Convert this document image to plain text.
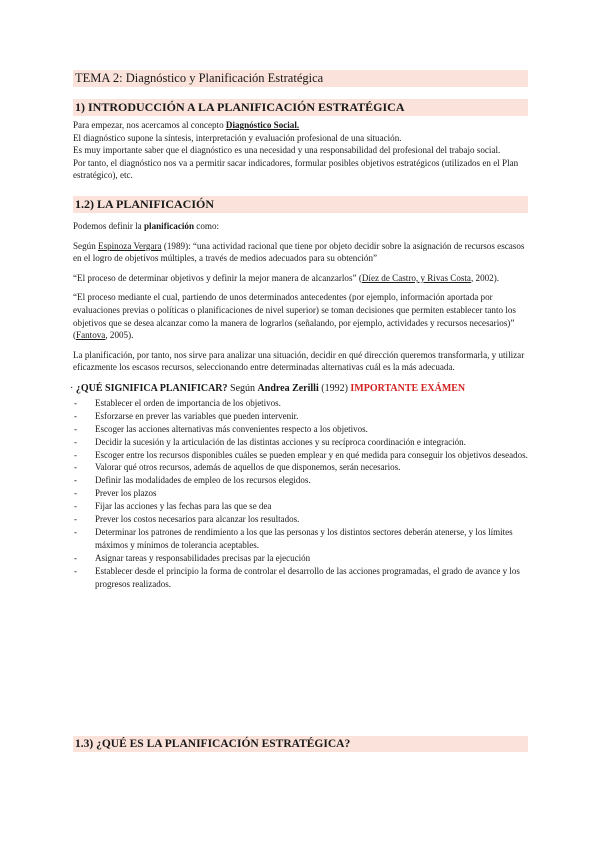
TEMA 2: Diagnóstico y Planificación Estratégica
1) INTRODUCCIÓN A LA PLANIFICACIÓN ESTRATÉGICA

Para empezar, nos acercamos al concepto Diagnóstico Social.

El diagnóstico supone la síntesis, interpretación y evaluación profesional de una situación.

Es muy importante saber que el diagnóstico es una necesidad y una responsabilidad del profesional del trabajo social.

Por tanto, el diagnóstico nos va a permitir sacar indicadores, formular posibles objetivos estratégicos (utilizados en el Plan estratégico), etc.

1.2) LA PLANIFICACIÓN

Podemos definir la planificación como:

Según Espinoza Vergara (1989): “una actividad racional que tiene por objeto decidir sobre la asignación de recursos escasos en el logro de objetivos múltiples, a través de medios adecuados para su obtención”

“El proceso de determinar objetivos y definir la mejor manera de alcanzarlos” (Díez de Castro, y Rivas Costa, 2002).

“El proceso mediante el cual, partiendo de unos determinados antecedentes (por ejemplo, información aportada por evaluaciones previas o políticas o planificaciones de nivel superior) se toman decisiones que permiten establecer tanto los objetivos que se desea alcanzar como la manera de lograrlos (señalando, por ejemplo, actividades y recursos necesarios)” (Fantova, 2005).

La planificación, por tanto, nos sirve para analizar una situación, decidir en qué dirección queremos transformarla, y utilizar eficazmente los escasos recursos, seleccionando entre determinadas alternativas cuál es la más adecuada.

· ¿QUÉ SIGNIFICA PLANIFICAR? Según Andrea Zerilli (1992) IMPORTANTE EXÁMEN

- Establecer el orden de importancia de los objetivos.
- Esforzarse en prever las variables que pueden intervenir.
- Escoger las acciones alternativas más convenientes respecto a los objetivos.
- Decidir la sucesión y la articulación de las distintas acciones y su recíproca coordinación e integración.
- Escoger entre los recursos disponibles cuáles se pueden emplear y en qué medida para conseguir los objetivos deseados.
- Valorar qué otros recursos, además de aquellos de que disponemos, serán necesarios.
- Definir las modalidades de empleo de los recursos elegidos.
- Prever los plazos
- Fijar las acciones y las fechas para las que se dea
- Prever los costos necesarios para alcanzar los resultados.
- Determinar los patrones de rendimiento a los que las personas y los distintos sectores deberán atenerse, y los límites máximos y mínimos de tolerancia aceptables.
- Asignar tareas y responsabilidades precisas par la ejecución
- Establecer desde el principio la forma de controlar el desarrollo de las acciones programadas, el grado de avance y los progresos realizados.
1.3) ¿QUÉ ES LA PLANIFICACIÓN ESTRATÉGICA?
